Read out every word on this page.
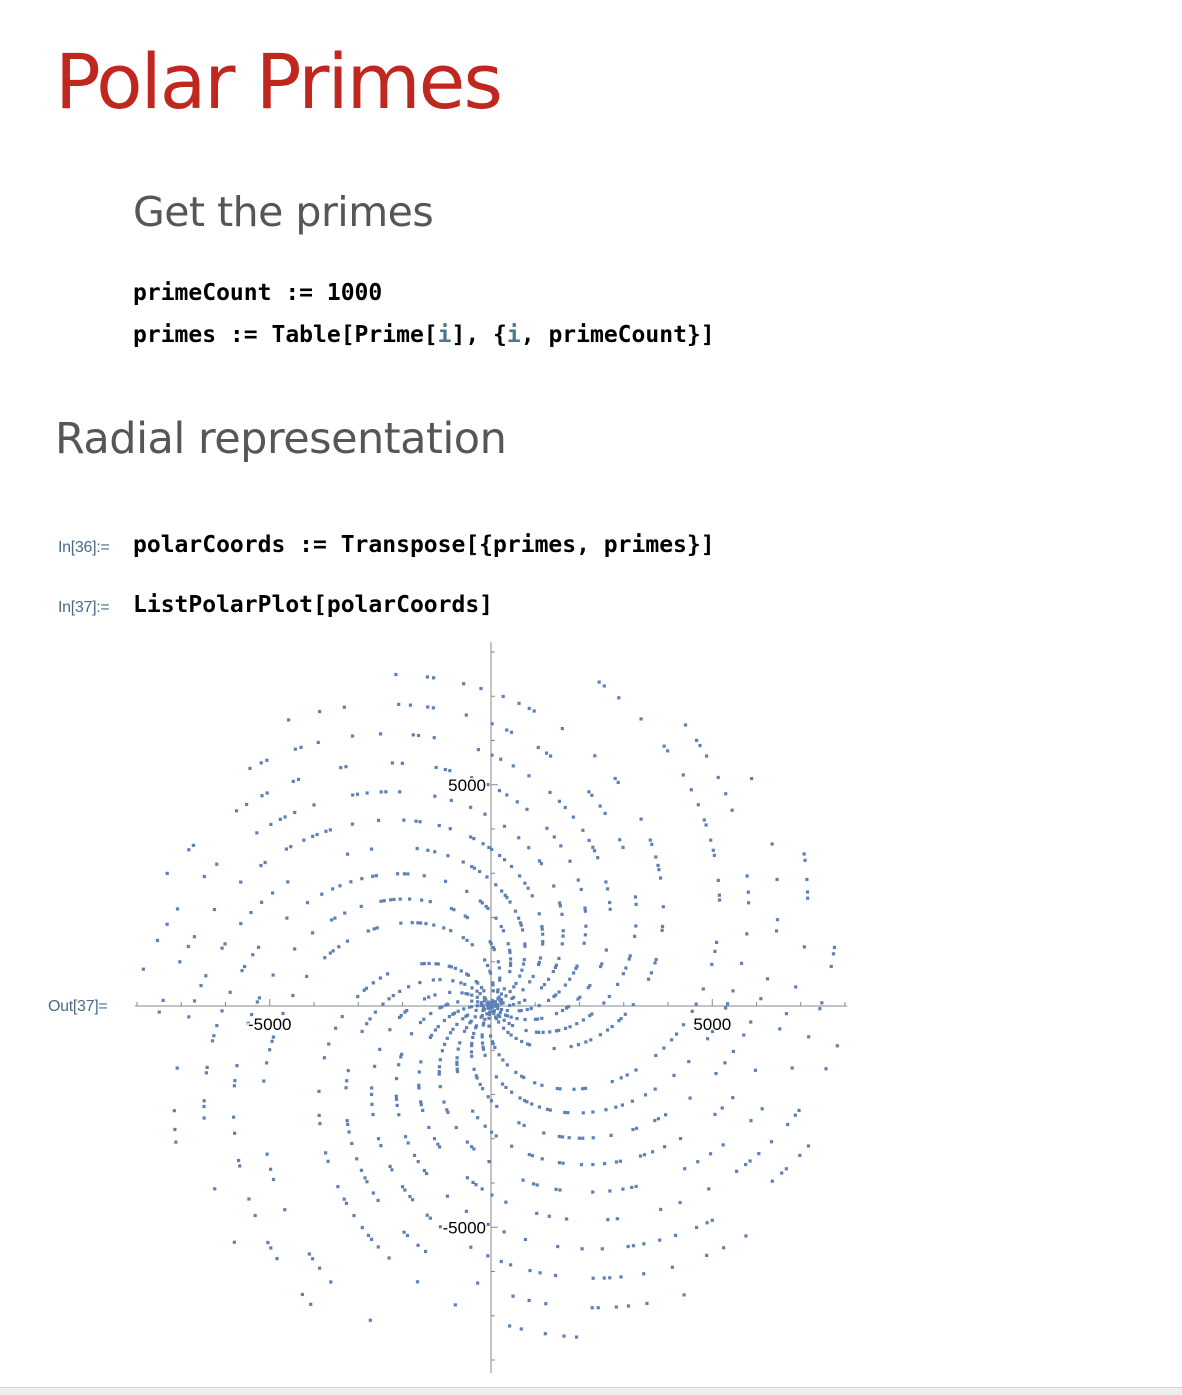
Polar Primes
Get the primes
primeCount := 1000
primes := Table[Prime[i], {i, primeCount}]
Radial representation
In[36]:= polarCoords := Transpose[{primes, primes}]
In[37]:= ListPolarPlot[polarCoords]
Out[37]=
-5000	5000
5000
-5000
